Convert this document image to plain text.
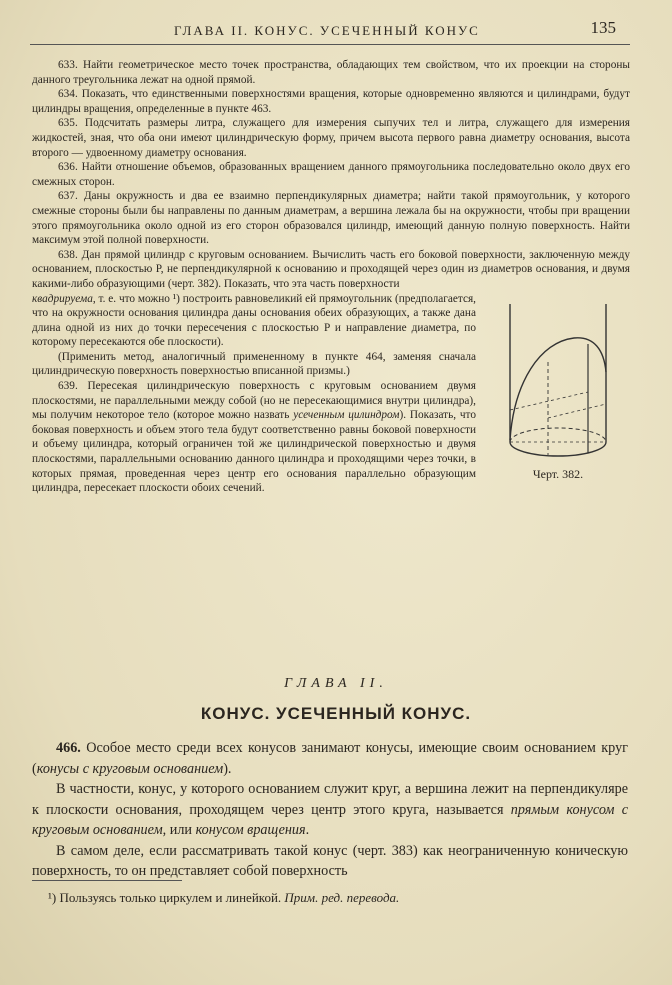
ГЛАВА II. КОНУС. УСЕЧЕННЫЙ КОНУС	135

633. Найти геометрическое место точек пространства, обладающих тем свойством, что их проекции на стороны данного треугольника лежат на одной прямой.

634. Показать, что единственными поверхностями вращения, которые одновременно являются и цилиндрами, будут цилиндры вращения, определенные в пункте 463.

635. Подсчитать размеры литра, служащего для измерения сыпучих тел и литра, служащего для измерения жидкостей, зная, что оба они имеют цилиндрическую форму, причем высота первого равна диаметру основания, высота второго — удвоенному диаметру основания.

636. Найти отношение объемов, образованных вращением данного прямоугольника последовательно около двух его смежных сторон.

637. Даны окружность и два ее взаимно перпендикулярных диаметра; найти такой прямоугольник, у которого смежные стороны были бы направлены по данным диаметрам, а вершина лежала бы на окружности, чтобы при вращении этого прямоугольника около одной из его сторон образовался цилиндр, имеющий данную полную поверхность. Найти максимум этой полной поверхности.

638. Дан прямой цилиндр с круговым основанием. Вычислить часть его боковой поверхности, заключенную между основанием, плоскостью P, не перпендикулярной к основанию и проходящей через один из диаметров основания, и двумя какими-либо образующими (черт. 382). Показать, что эта часть поверхности

Черт. 382.

квадрируема, т. е. что можно ¹) построить равновеликий ей прямоугольник (предполагается, что на окружности основания цилиндра даны основания обеих образующих, а также дана длина одной из них до точки пересечения с плоскостью P и направление диаметра, по которому пересекаются обе плоскости).

(Применить метод, аналогичный примененному в пункте 464, заменяя сначала цилиндрическую поверхность поверхностью вписанной призмы.)

639. Пересекая цилиндрическую поверхность с круговым основанием двумя плоскостями, не параллельными между собой (но не пересекающимися внутри цилиндра), мы получим некоторое тело (которое можно назвать усеченным цилиндром). Показать, что боковая поверхность и объем этого тела будут соответственно равны боковой поверхности и объему цилиндра, который ограничен той же цилиндрической поверхностью и двумя плоскостями, параллельными основанию данного цилиндра и проходящими через точки, в которых прямая, проведенная через центр его основания параллельно образующим цилиндра, пересекает плоскости обоих сечений.

ГЛАВА II.
КОНУС. УСЕЧЕННЫЙ КОНУС.

466. Особое место среди всех конусов занимают конусы, имеющие своим основанием круг (конусы с круговым основанием).

В частности, конус, у которого основанием служит круг, а вершина лежит на перпендикуляре к плоскости основания, проходящем через центр этого круга, называется прямым конусом с круговым основанием, или конусом вращения.

В самом деле, если рассматривать такой конус (черт. 383) как неограниченную коническую поверхность, то он представляет собой поверхность

¹) Пользуясь только циркулем и линейкой. Прим. ред. перевода.
